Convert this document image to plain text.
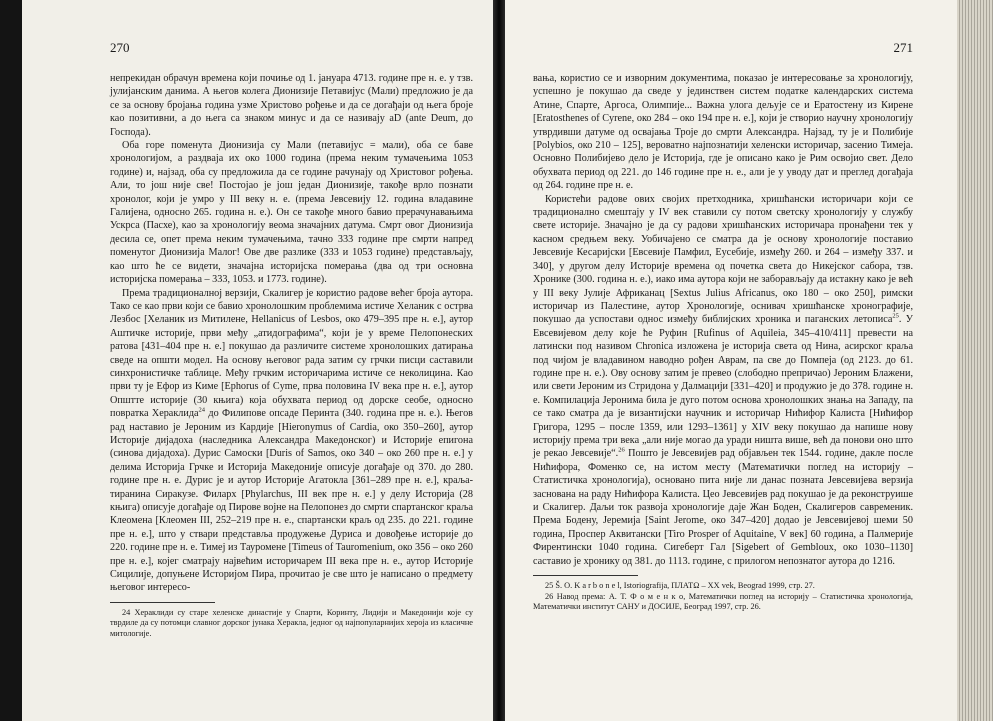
270

непрекидан обрачун времена који почиње од 1. јануара 4713. године пре н. е. у тзв. јулијанским данима. А његов колега Дионизије Петавијус (Мали) предложио је да се за основу бројања година узме Христово рођење и да се догађаји од њега броје као позитивни, а до њега са знаком минус и да се називају aD (ante Deum, до Господа).

Оба горе поменута Дионизија су Мали (петавијус = мали), оба се баве хронологијом, а раздваја их око 1000 година (према неким тумачењима 1053 године) и, најзад, оба су предложила да се године рачунају од Христовог рођења. Али, то још није све! Постојао је још један Дионизије, такође врло познати хронолог, који је умро у III веку н. е. (према Јевсевију 12. година владавине Галијена, односно 265. година н. е.). Он се такође много бавио прерачунавањима Ускрса (Пасхе), као за хронологију веома значајних датума. Смрт овог Дионизија десила се, опет према неким тумачењима, тачно 333 године пре смрти напред поменутог Дионизија Малог! Ове две разлике (333 и 1053 године) представљају, као што ће се видети, значајна историјска померања (два од три основна историјска померања – 333, 1053. и 1773. године).

Према традиционалној верзији, Скалигер је користио радове већег броја аутора. Тако се као први који се бавио хронолошким проблемима истиче Хеланик с острва Лезбос [Хеланик из Митилене, Hellanicus of Lesbos, око 479–395 пре н. е.], аутор Аштичке историје, први међу „атидографима“, који је у време Пелопонеских ратова [431–404 пре н. е.] покушао да различите системе хронолошких датирања сведе на општи модел. На основу његовог рада затим су грчки писци саставили синхронистичке таблице. Међу грчким историчарима истиче се неколицина. Као први ту је Ефор из Киме [Ephorus of Cyme, прва половина IV века пре н. е.], аутор Општте историје (30 књига) која обухвата период од дорске сеобе, односно повратка Хераклида$^{24}$ до Филипове опсаде Перинта (340. година пре н. е.). Његов рад наставио је Јероним из Кардије [Hieronymus of Cardia, око 350–260], аутор Историје дијадоха (наследника Александра Македонског) и Историје епигона (синова дијадоха). Дурис Самоски [Duris of Samos, око 340 – око 260 пре н. е.] у делима Историја Грчке и Историја Македоније описује догађаје од 370. до 280. године пре н. е. Дурис је и аутор Историје Агатокла [361–289 пре н. е.], краља-тиранина Сиракузе. Филарх [Phylarchus, III век пре н. е.] у делу Историја (28 књига) описује догађаје од Пирове војне на Пелопонез до смрти спартанског краља Клеомена [Клеомен III, 252–219 пре н. е., спартански краљ од 235. до 221. године пре н. е.], што у ствари представља продужење Дуриса и довођење историје до 220. године пре н. е. Тимеј из Тауромене [Timeus of Tauromenium, око 356 – око 260 пре н. е.], којег сматрају највећим историчарем III века пре н. е., аутор Историје Сицилије, допуњене Историјом Пира, прочитао је све што је написано о предмету његовог интересо-

24 Хераклиди су старе хеленске династије у Спарти, Коринту, Лидији и Македонији које су тврдиле да су потомци славног дорског јунака Херакла, једног од најпопуларнијих хероја из класичне митологије.
271

вања, користио се и изворним документима, показао је интересовање за хронологију, успешно је покушао да сведе у јединствен систем податке календарских система Атине, Спарте, Аргоса, Олимпије... Важна улога дељује се и Ератостену из Кирене [Eratosthenes of Cyrene, око 284 – око 194 пре н. е.], који је створио научну хронологију утврдивши датуме од освајања Троје до смрти Александра. Најзад, ту је и Полибије [Polybios, око 210 – 125], вероватно најпознатији хеленски историчар, засенио Тимеја. Основно Полибијево дело је Историја, где је описано како је Рим освојио свет. Дело обухвата период од 221. до 146 године пре н. е., али је у уводу дат и преглед догађаја од 264. године пре н. е.

Користећи радове ових својих претходника, хришћански историчари који се традиционално смештају у IV век ставили су потом светску хронологију у службу свете историје. Значајно је да су радови хришћанских историчара пронађени тек у касном средњем веку. Уобичајено се сматра да је основу хронологије поставио Јевсевије Кесаријски [Евсевије Памфил, Eусебије, између 260. и 264 – између 337. и 340], у другом делу Историје времена од почетка света до Никејског сабора, тзв. Хронике (300. година н. е.), иако има аутора који не заборављају да истакну како је већ у III веку Јулије Африканац [Sextus Julius Africanus, око 180 – око 250], римски историчар из Палестине, аутор Хронологије, оснивач хришћанске хронографије, покушао да успостави однос између библијских хроника и паганских летописа$^{25}$. У Евсевијевом делу које ће Руфин [Rufinus of Aquileia, 345–410/411] превести на латински под називом Chronica изложена је историја света од Нина, асирског краља под чијом је владавином наводно рођен Аврам, па све до Помпеја (од 2123. до 61. године пре н. е.). Ову основу затим је превео (слободно препричао) Јероним Блажени, или свети Јероним из Стридона у Далмацији [331–420] и продужио је до 378. године н. е. Компилација Јеронима била је дуго потом основа хронолошких знања на Западу, па се тако сматра да је византијски научник и историчар Нићифор Калиста [Нићифор Григора, 1295 – после 1359, или 1293–1361] у XIV веку покушао да напише нову историју према три века „али није могао да уради ништа више, већ да понови оно што је рекао Јевсевије“.$^{26}$ Пошто је Јевсевијев рад објављен тек 1544. године, дакле после Нићифора, Фоменко се, на истом месту (Математички поглед на историју – Статистичка хронологија), основано пита није ли данас позната Јевсевијева верзија заснована на раду Нићифора Калиста. Цео Јевсевијев рад покушао је да реконструише и Скалигер. Даљи ток развоја хронологије даје Жан Боден, Скалигеров савременик. Према Бодену, Јеремија [Saint Jerome, око 347–420] додао је Јевсевијевој шеми 50 година, Проспер Аквитански [Tiro Prosper of Aquitaine, V век] 60 година, а Палмерије Фирентински 1040 година. Сигеберт Гал [Sigebert of Gembloux, око 1030–1130] саставио је хронику од 381. до 1113. године, с прилогом непознатог аутора до 1216.

25 Š. O. K a r b o n e l, Istoriografija, ПЛАТΩ – XX vek, Beograd 1999, стр. 27.
26 Навод према: А. Т. Ф о м е н к о, Математички поглед на историју – Статистичка хронологија, Математички институт САНУ и ДОСИЈЕ, Београд 1997, стр. 26.
